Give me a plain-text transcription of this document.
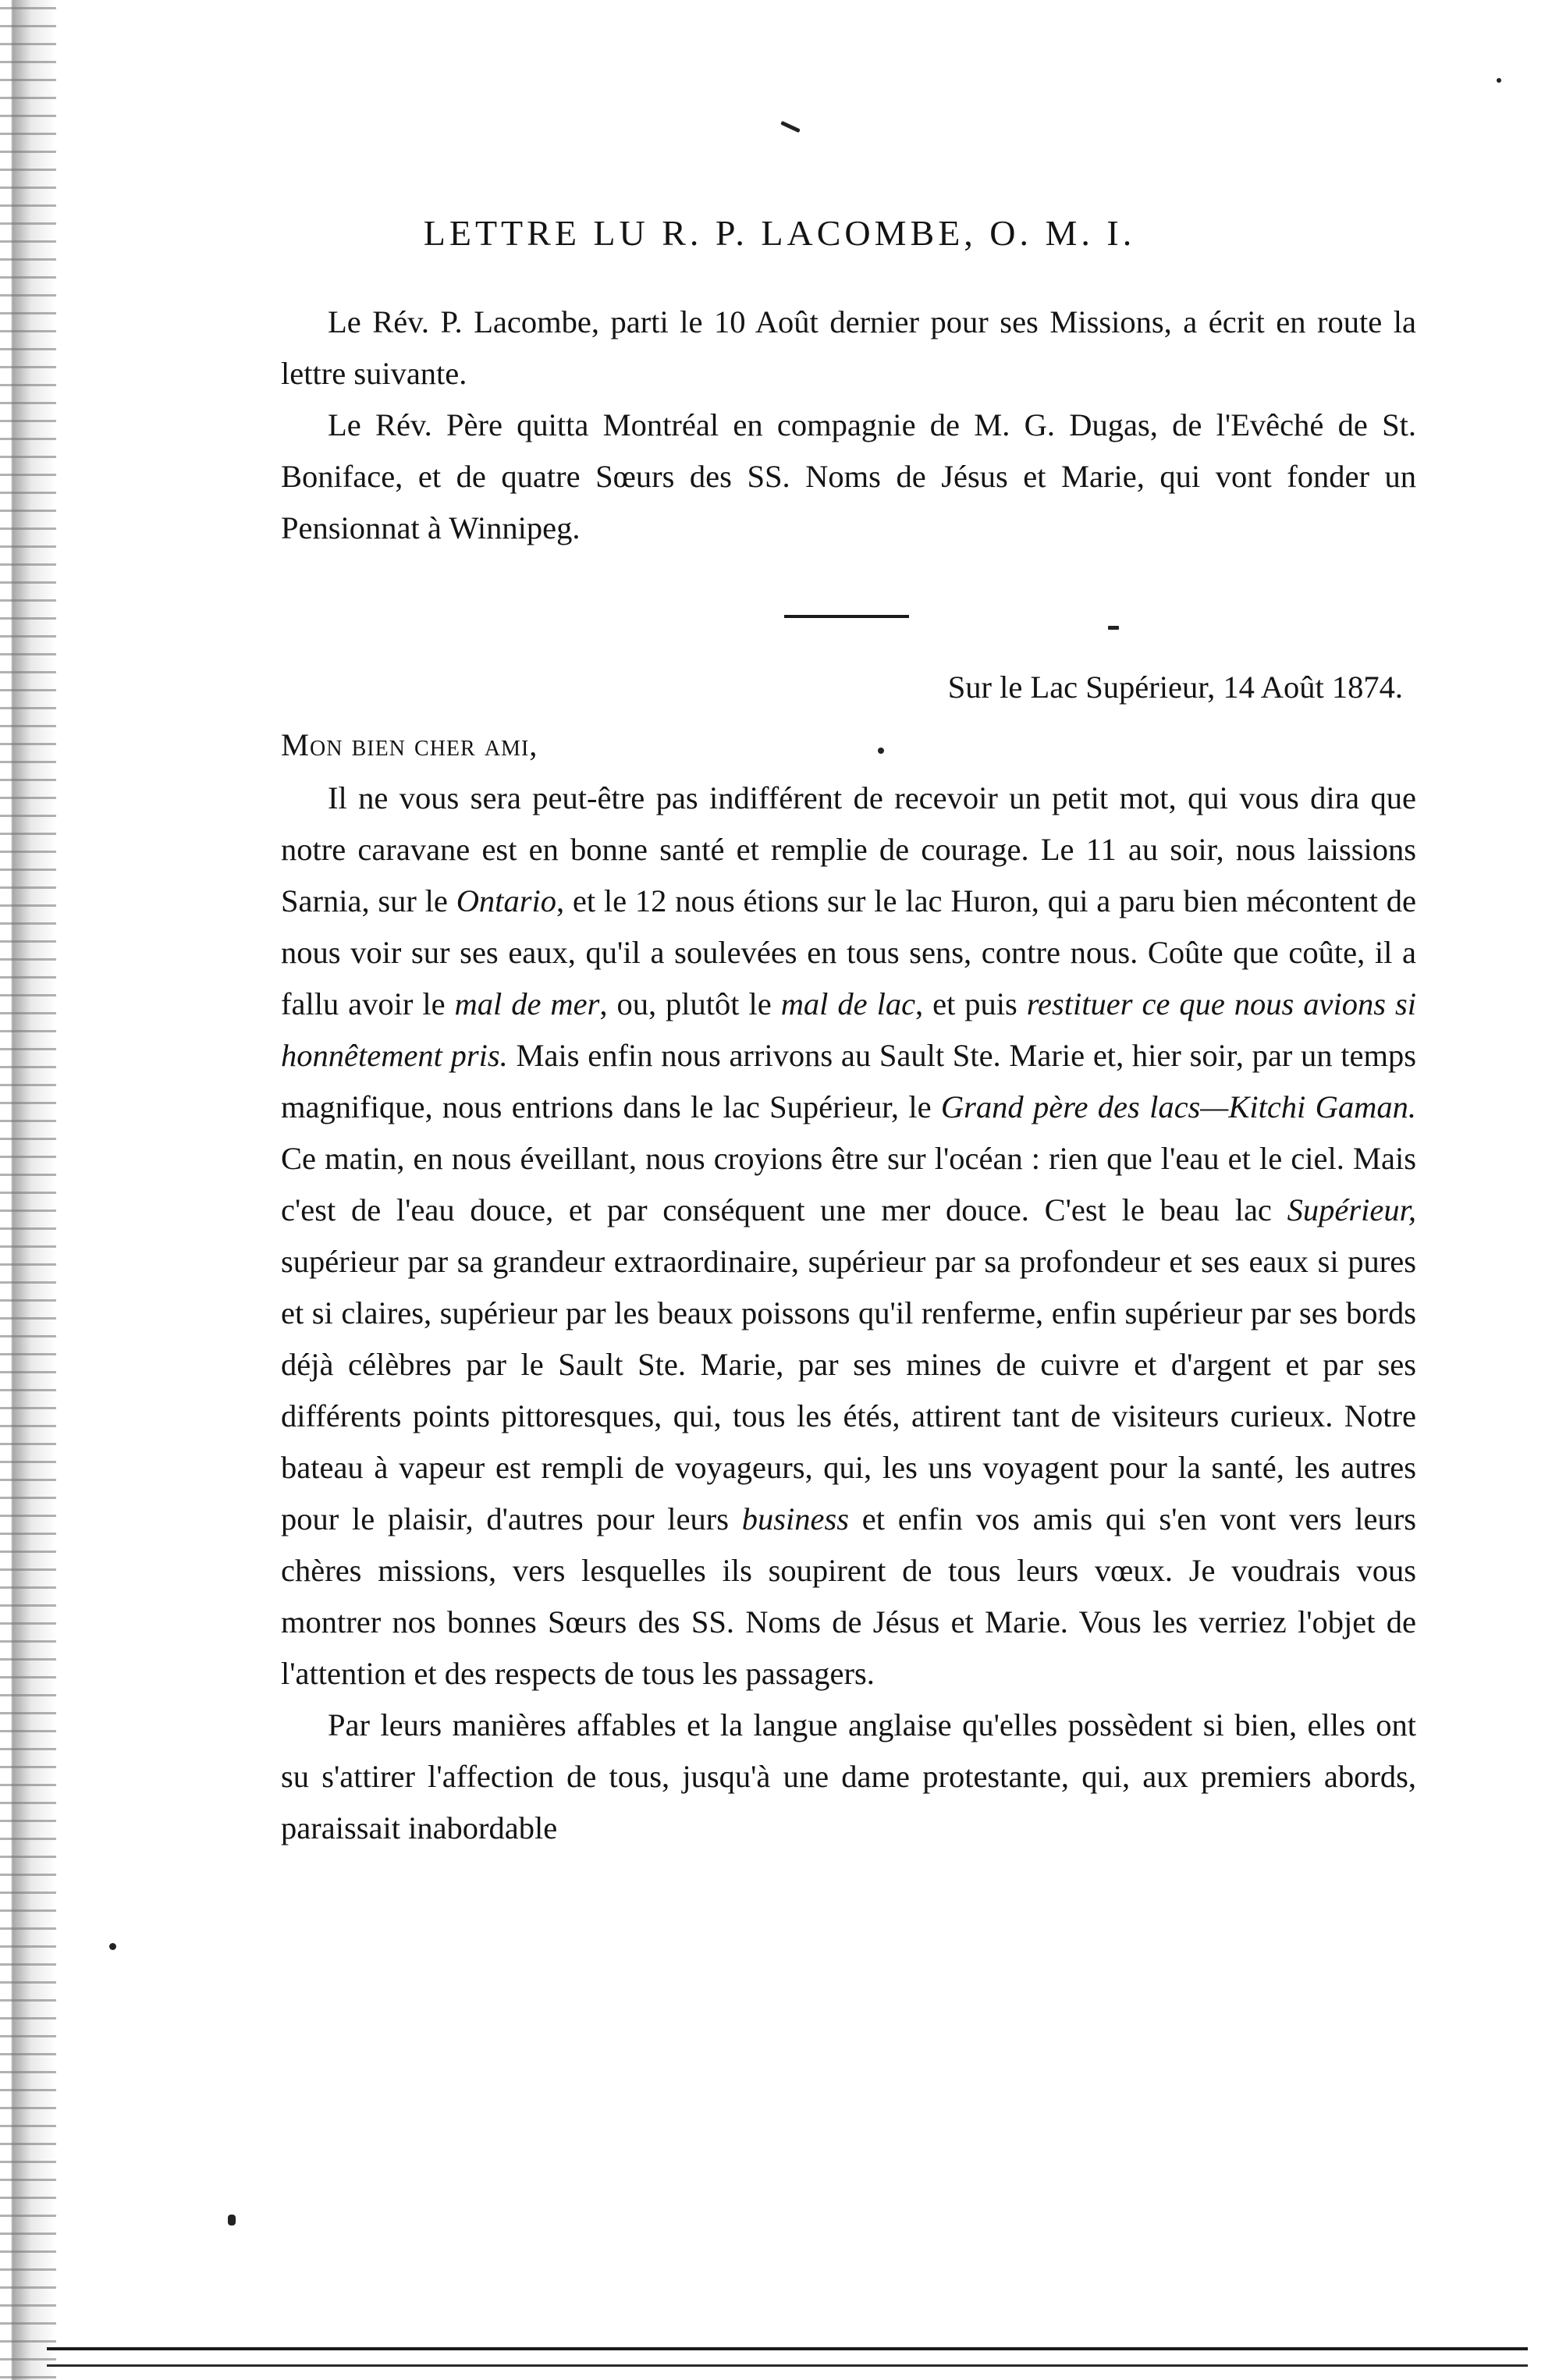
LETTRE LU R. P. LACOMBE, O. M. I.

Le Rév. P. Lacombe, parti le 10 Août dernier pour ses Missions, a écrit en route la lettre suivante.

Le Rév. Père quitta Montréal en compagnie de M. G. Dugas, de l'Evêché de St. Boniface, et de quatre Sœurs des SS. Noms de Jésus et Marie, qui vont fonder un Pensionnat à Winnipeg.

Sur le Lac Supérieur, 14 Août 1874.
Mon bien cher ami,

Il ne vous sera peut-être pas indifférent de recevoir un petit mot, qui vous dira que notre caravane est en bonne santé et remplie de courage. Le 11 au soir, nous laissions Sarnia, sur le Ontario, et le 12 nous étions sur le lac Huron, qui a paru bien mécontent de nous voir sur ses eaux, qu'il a soulevées en tous sens, contre nous. Coûte que coûte, il a fallu avoir le mal de mer, ou, plutôt le mal de lac, et puis restituer ce que nous avions si honnêtement pris. Mais enfin nous arrivons au Sault Ste. Marie et, hier soir, par un temps magnifique, nous entrions dans le lac Supérieur, le Grand père des lacs—Kitchi Gaman. Ce matin, en nous éveillant, nous croyions être sur l'océan : rien que l'eau et le ciel. Mais c'est de l'eau douce, et par conséquent une mer douce. C'est le beau lac Supérieur, supérieur par sa grandeur extraordinaire, supérieur par sa profondeur et ses eaux si pures et si claires, supérieur par les beaux poissons qu'il renferme, enfin supérieur par ses bords déjà célèbres par le Sault Ste. Marie, par ses mines de cuivre et d'argent et par ses différents points pittoresques, qui, tous les étés, attirent tant de visiteurs curieux. Notre bateau à vapeur est rempli de voyageurs, qui, les uns voyagent pour la santé, les autres pour le plaisir, d'autres pour leurs business et enfin vos amis qui s'en vont vers leurs chères missions, vers lesquelles ils soupirent de tous leurs vœux. Je voudrais vous montrer nos bonnes Sœurs des SS. Noms de Jésus et Marie. Vous les verriez l'objet de l'attention et des respects de tous les passagers.

Par leurs manières affables et la langue anglaise qu'elles possèdent si bien, elles ont su s'attirer l'affection de tous, jusqu'à une dame protestante, qui, aux premiers abords, paraissait inabordable
